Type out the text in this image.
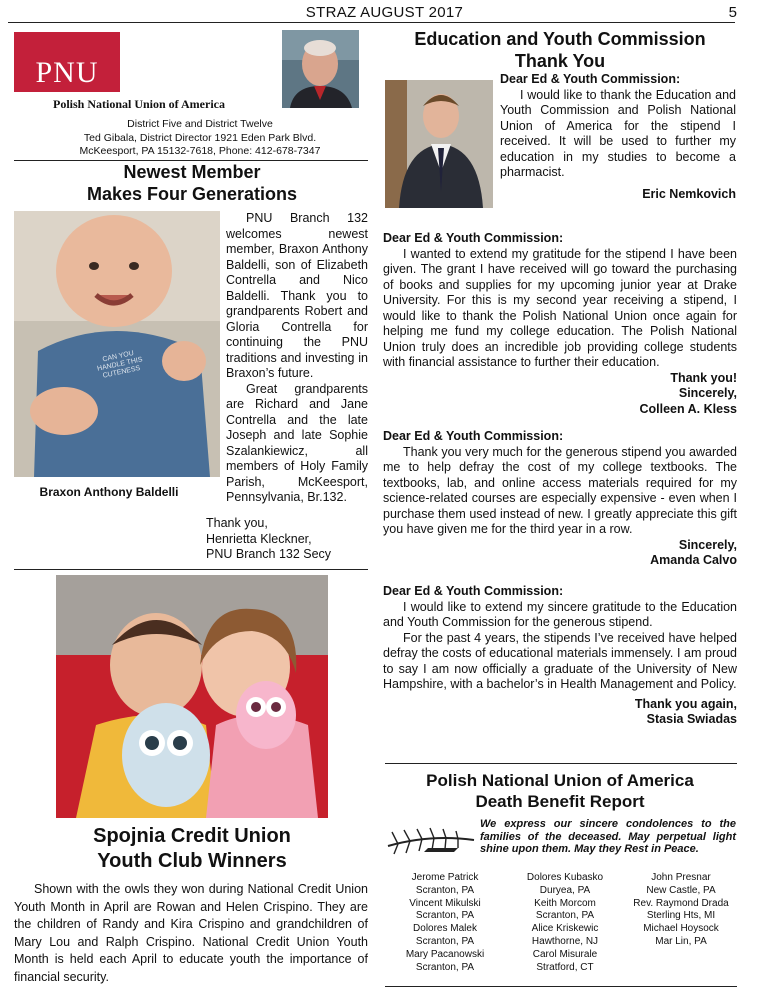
STRAZ AUGUST 2017	5
PNU
Polish National Union of America
District Five and District Twelve
Ted Gibala, District Director 1921 Eden Park Blvd.
McKeesport, PA 15132-7618, Phone: 412-678-7347
Newest Member
Makes Four Generations
CAN YOU HANDLE THIS CUTENESS
Braxon Anthony Baldelli

PNU Branch 132 welcomes newest member, Braxon Anthony Baldelli, son of Elizabeth Contrella and Nico Baldelli. Thank you to grandparents Robert and Gloria Contrella for continuing the PNU traditions and investing in Braxon’s future.

Great grandparents are Richard and Jane Contrella and the late Joseph and late Sophie Szalankiewicz, all members of Holy Family Parish, McKeesport, Pennsylvania, Br.132.

Thank you,
Henrietta Kleckner,
PNU Branch 132 Secy
Spojnia Credit Union
Youth Club Winners

Shown with the owls they won during National Credit Union Youth Month in April are Rowan and Helen Crispino. They are the children of Randy and Kira Crispino and grandchildren of Mary Lou and Ralph Crispino. National Credit Union Youth Month is held each April to educate youth the importance of financial security.

Education and Youth Commission
Thank You
Dear Ed & Youth Commission:

I would like to thank the Education and Youth Commission and Polish National Union of America for the stipend I received. It will be used to further my education in my studies to become a pharmacist.

Eric Nemkovich
Dear Ed & Youth Commission:

I wanted to extend my gratitude for the stipend I have been given. The grant I have received will go toward the purchasing of books and supplies for my upcoming junior year at Drake University. For this is my second year receiving a stipend, I would like to thank the Polish National Union once again for helping me fund my college education. The Polish National Union truly does an incredible job providing college students with financial assistance to further their education.

Thank you!
Sincerely,
Colleen A. Kless
Dear Ed & Youth Commission:

Thank you very much for the generous stipend you awarded me to help defray the cost of my college textbooks. The textbooks, lab, and online access materials required for my science-related courses are especially expensive - even when I purchase them used instead of new. I greatly appreciate this gift you have given me for the third year in a row.

Sincerely,
Amanda Calvo
Dear Ed & Youth Commission:

I would like to extend my sincere gratitude to the Education and Youth Commission for the generous stipend.

For the past 4 years, the stipends I’ve received have helped defray the costs of educational materials immensely. I am proud to say I am now officially a graduate of the University of New Hampshire, with a bachelor’s in Health Management and Policy.

Thank you again,
Stasia Swiadas
Polish National Union of America
Death Benefit Report

We express our sincere condolences to the families of the deceased. May perpetual light shine upon them. May they Rest in Peace.

Jerome Patrick
Scranton, PA
Vincent Mikulski
Scranton, PA
Dolores Malek
Scranton, PA
Mary Pacanowski
Scranton, PA
Dolores Kubasko
Duryea, PA
Keith Morcom
Scranton, PA
Alice Kriskewic
Hawthorne, NJ
Carol Misurale
Stratford, CT
John Presnar
New Castle, PA
Rev. Raymond Drada
Sterling Hts, MI
Michael Hoysock
Mar Lin, PA
